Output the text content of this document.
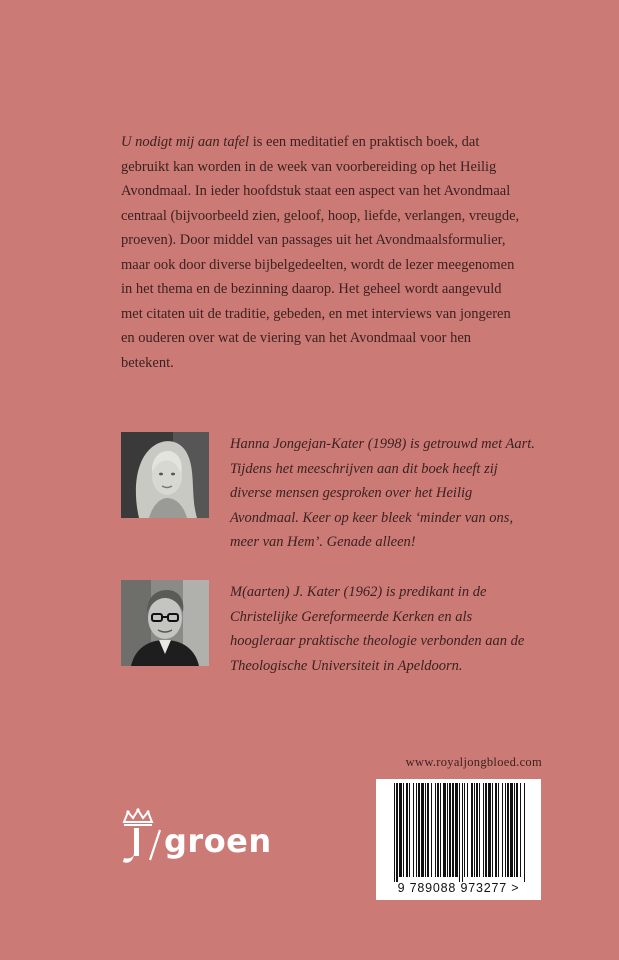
U nodigt mij aan tafel is een meditatief en praktisch boek, dat gebruikt kan worden in de week van voorbereiding op het Heilig Avondmaal. In ieder hoofdstuk staat een aspect van het Avondmaal centraal (bijvoorbeeld zien, geloof, hoop, liefde, verlangen, vreugde, proeven). Door middel van passages uit het Avondmaalsformulier, maar ook door diverse bijbelgedeelten, wordt de lezer meegenomen in het thema en de bezinning daarop. Het geheel wordt aangevuld met citaten uit de traditie, gebeden, en met interviews van jongeren en ouderen over wat de viering van het Avondmaal voor hen betekent.
Hanna Jongejan-Kater (1998) is getrouwd met Aart. Tijdens het meeschrijven aan dit boek heeft zij diverse mensen gesproken over het Heilig Avondmaal. Keer op keer bleek ‘minder van ons, meer van Hem’. Genade alleen!
M(aarten) J. Kater (1962) is predikant in de Christelijke Gereformeerde Kerken en als hoogleraar praktische theologie verbonden aan de Theologische Universiteit in Apeldoorn.
www.royaljongbloed.com
9 789088 973277 >
groen
